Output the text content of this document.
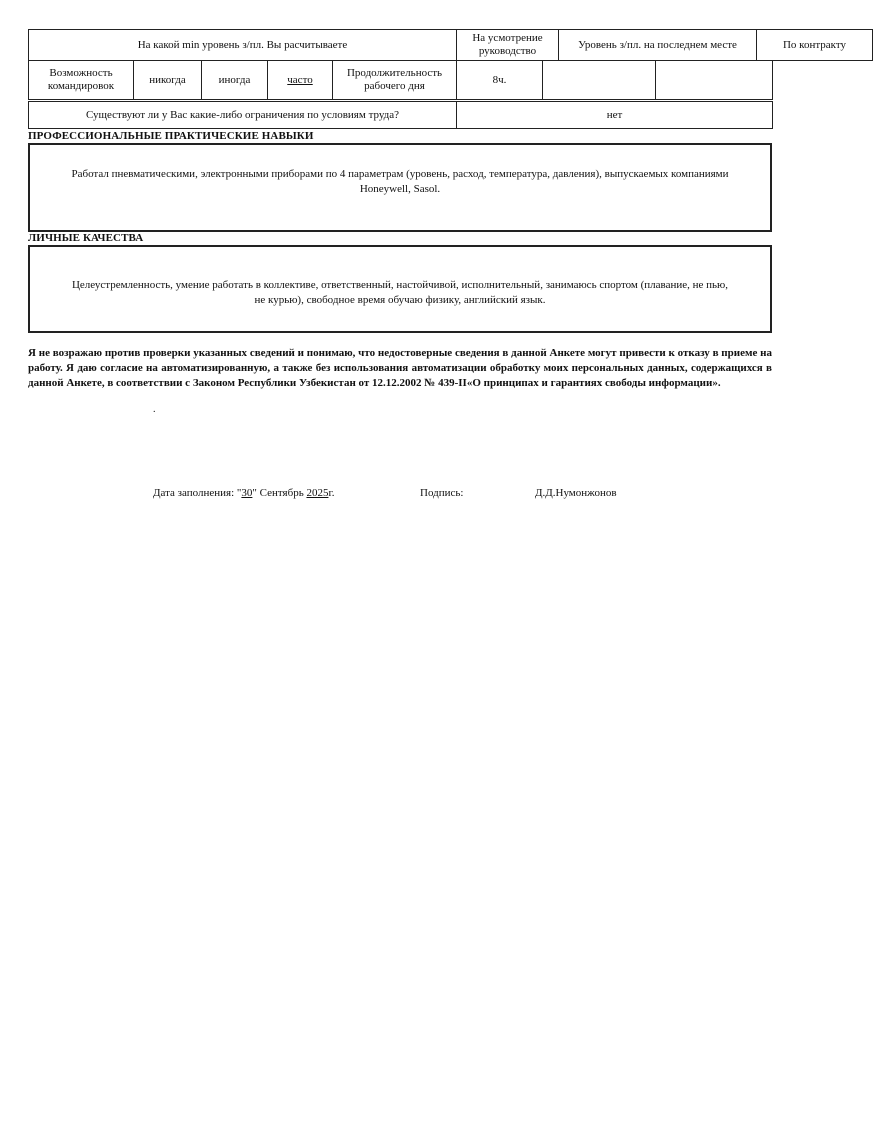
На какой min уровень з/пл. Вы расчитываете	На усмотрение руководство	Уровень з/пл. на последнем месте	По контракту
Возможность командировок	никогда	иногда	часто	Продолжительность рабочего дня	8ч.		
Существуют ли у Вас какие-либо ограничения по условиям труда?	нет
ПРОФЕССИОНАЛЬНЫЕ ПРАКТИЧЕСКИЕ НАВЫКИ

Работал пневматическими, электронными приборами по 4 параметрам (уровень, расход, температура, давления), выпускаемых компаниями

Honeywell, Sasol.

ЛИЧНЫЕ КАЧЕСТВА

Целеустремленность, умение работать в коллективе, ответственный, настойчивой, исполнительный, занимаюсь спортом (плавание, не пью,

не курью), свободное время обучаю физику, английский язык.

Я не возражаю против проверки указанных сведений и понимаю, что недостоверные сведения в данной Анкете могут привести к отказу в приеме на работу. Я даю согласие на автоматизированную, а также без использования автоматизации обработку моих персональных данных, содержащихся в данной Анкете, в соответствии с Законом Республики Узбекистан от 12.12.2002 № 439-II«О принципах и гарантиях свободы информации».

.
Дата заполнения: "30" Сентябрь 2025г.	Подпись:	Д.Д.Нумонжонов
